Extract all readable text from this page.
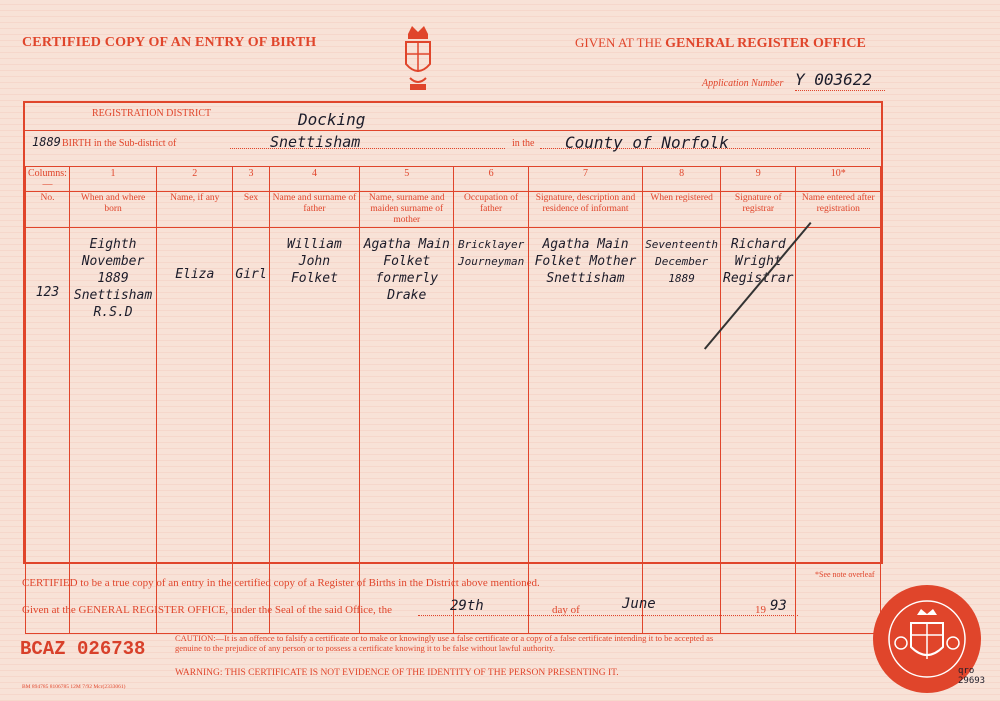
CERTIFIED COPY OF AN ENTRY OF BIRTH	GIVEN AT THE GENERAL REGISTER OFFICE
Application Number Y 003622
REGISTRATION DISTRICT	Docking
1889 BIRTH in the Sub-district of	Snettisham	in the County of Norfolk
Columns:—	1	2	3	4	5	6	7	8	9	10*
No.	When and where born	Name, if any	Sex	Name and surname of father	Name, surname and maiden surname of mother	Occupation of father	Signature, description and residence of informant	When registered	Signature of registrar	Name entered after registration
123	Eighth November 1889 Snettisham R.S.D	Eliza	Girl	William John Folket	Agatha Main Folket formerly Drake	Bricklayer Journeyman	Agatha Main Folket Mother Snettisham	Seventeenth December 1889	Richard Wright Registrar	
*See note overleaf
CERTIFIED to be a true copy of an entry in the certified copy of a Register of Births in the District above mentioned.
Given at the GENERAL REGISTER OFFICE, under the Seal of the said Office, the	29th	day of	June	19 93
BCAZ 026738	CAUTION:—It is an offence to falsify a certificate or to make or knowingly use a false certificate or a copy of a false certificate intending it to be accepted as genuine to the prejudice of any person or to possess a certificate knowing it to be false without lawful authority.
WARNING: THIS CERTIFICATE IS NOT EVIDENCE OF THE IDENTITY OF THE PERSON PRESENTING IT.
BM 894785 8106785 12M 7/92 Mcr(2333061)
qro 29693
